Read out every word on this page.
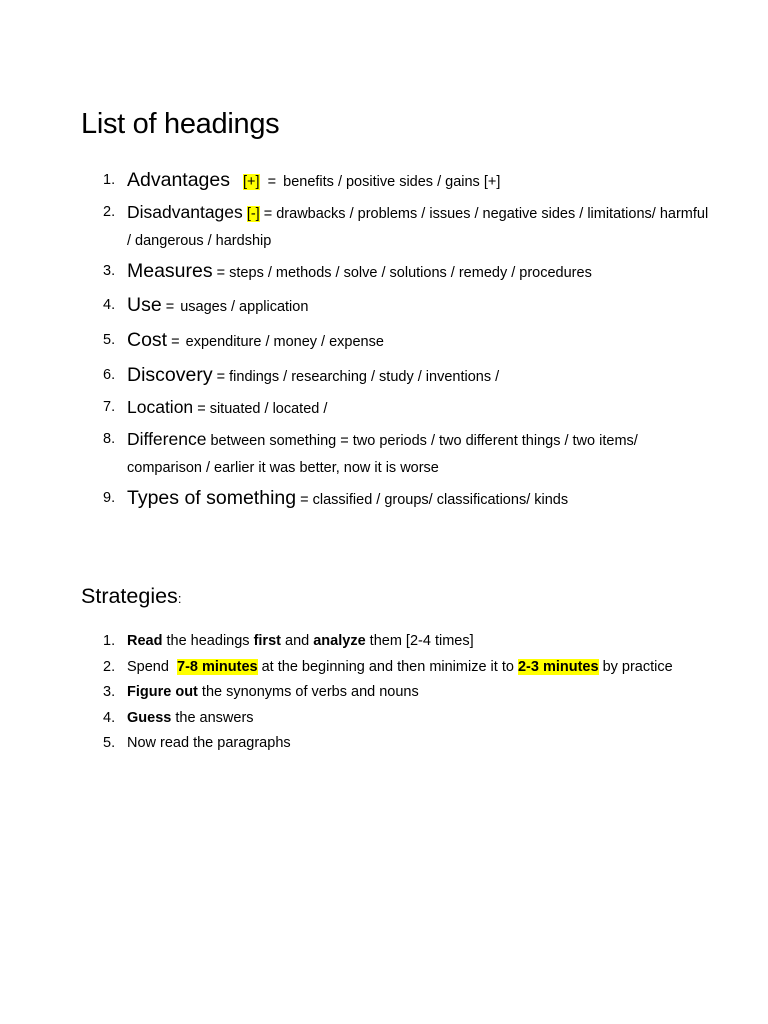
List of headings
1. Advantages [+]  = benefits / positive sides / gains [+]
2. Disadvantages [-] = drawbacks / problems / issues / negative sides / limitations/ harmful / dangerous / hardship
3. Measures = steps / methods / solve / solutions / remedy / procedures
4. Use = usages / application
5. Cost = expenditure / money / expense
6. Discovery = findings / researching / study / inventions /
7. Location = situated / located /
8. Difference between something = two periods / two different things / two items/ comparison / earlier it was better, now it is worse
9. Types of something = classified / groups/ classifications/ kinds
Strategies:
1. Read the headings first and analyze them [2-4 times]
2. Spend  7-8 minutes at the beginning and then minimize it to 2-3 minutes by practice
3. Figure out the synonyms of verbs and nouns
4. Guess the answers
5. Now read the paragraphs
